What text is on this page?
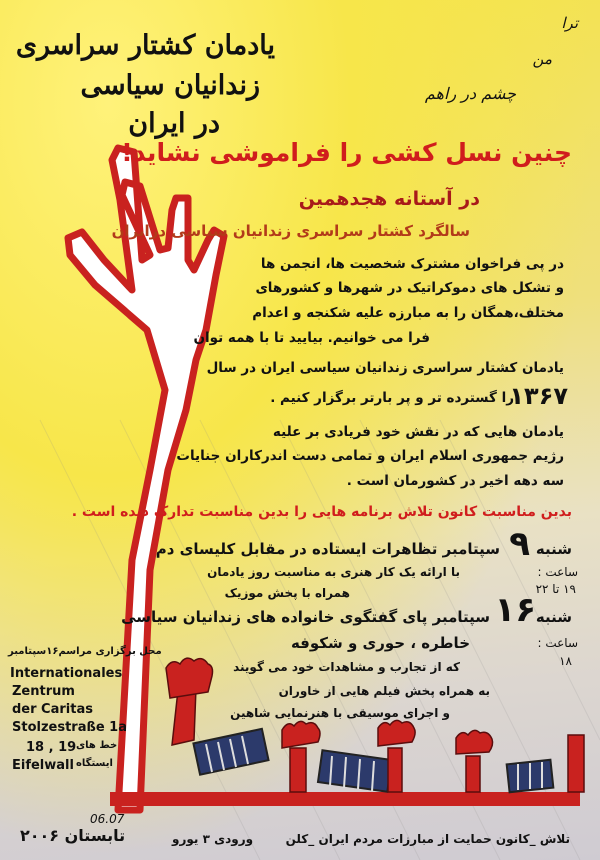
یادمان کشتار سراسری
زندانیان سیاسی
در ایران
ترا
من
چشم در راهم
چنین نسل کشی را فراموشی نشاید!
در آستانه هجدهمین
سالگرد کشتار سراسری زندانیان سیاسی درایران
در پی فراخوان مشترک شخصیت ها، انجمن ها
و تشکل های دموکراتیک در شهرها و کشورهای
مختلف،همگان را به مبارزه علیه شکنجه و اعدام
فرا می خوانیم. بیایید تا با همه توان
یادمان کشتار سراسری زندانیان سیاسی ایران در سال
۱۳۶۷
را گسترده تر و پر بارتر برگزار کنیم .
یادمان هایی که در نقش خود فریادی بر علیه
رژیم جمهوری اسلام ایران و تمامی دست اندرکاران جنایات
سه دهه اخیر در کشورمان است .
بدین مناسبت کانون تلاش برنامه هایی را بدین مناسبت تدارک دیده است .
شنبه
۹
سپتامبر تظاهرات ایستاده در مقابل کلیسای دم
با ارائه یک کار هنری به مناسبت روز یادمان
همراه با پخش موزیک
ساعت :
۱۹ تا ۲۲
شنبه
۱۶
سپتامبر پای گفتگوی خانواده های زندانیان سیاسی
خاطره ، حوری و شکوفه
که از تجارب و مشاهدات خود می گویند
به همراه پخش فیلم هایی از خاوران
و اجرای موسیقی با هنرنمایی شاهین
ساعت :
۱۸
محل برگزاری مراسم۱۶سپتامبر
Internationales
Zentrum
der Caritas
Stolzestraße 1a
18 , 19 خط های
Eifelwall ایستگاه
06.07
تابستان ۲۰۰۶	ورودی ۳ یورو	تلاش _کانون حمایت از مبارزات مردم ایران _کلن
